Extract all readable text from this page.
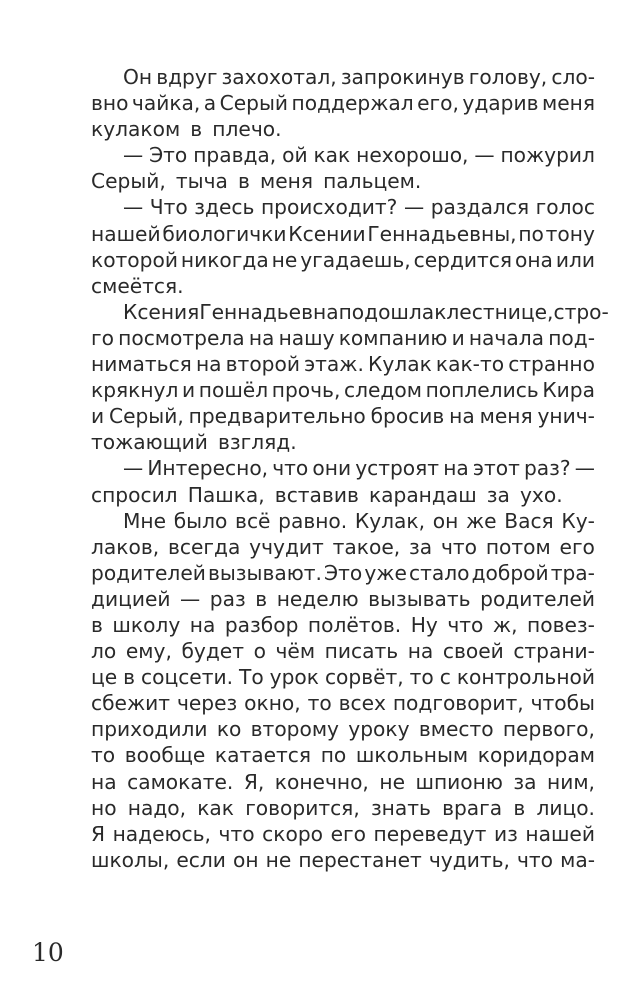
Он вдруг захохотал, запрокинув голову, сло-
вно чайка, а Серый поддержал его, ударив меня
кулаком в плечо.
— Это правда, ой как нехорошо, — пожурил
Серый, тыча в меня пальцем.
— Что здесь происходит? — раздался голос
нашей биологички Ксении Геннадьевны, по тону
которой никогда не угадаешь, сердится она или
смеётся.
Ксения Геннадьевна подошла к лестнице, стро-
го посмотрела на нашу компанию и начала под-
ниматься на второй этаж. Кулак как-то странно
крякнул и пошёл прочь, следом поплелись Кира
и Серый, предварительно бросив на меня унич-
тожающий взгляд.
— Интересно, что они устроят на этот раз? —
спросил Пашка, вставив карандаш за ухо.
Мне было всё равно. Кулак, он же Вася Ку-
лаков, всегда учудит такое, за что потом его
родителей вызывают. Это уже стало доброй тра-
дицией — раз в неделю вызывать родителей
в школу на разбор полётов. Ну что ж, повез-
ло ему, будет о чём писать на своей страни-
це в соцсети. То урок сорвёт, то с контрольной
сбежит через окно, то всех подговорит, чтобы
приходили ко второму уроку вместо первого,
то вообще катается по школьным коридорам
на самокате. Я, конечно, не шпионю за ним,
но надо, как говорится, знать врага в лицо.
Я надеюсь, что скоро его переведут из нашей
школы, если он не перестанет чудить, что ма-
10
